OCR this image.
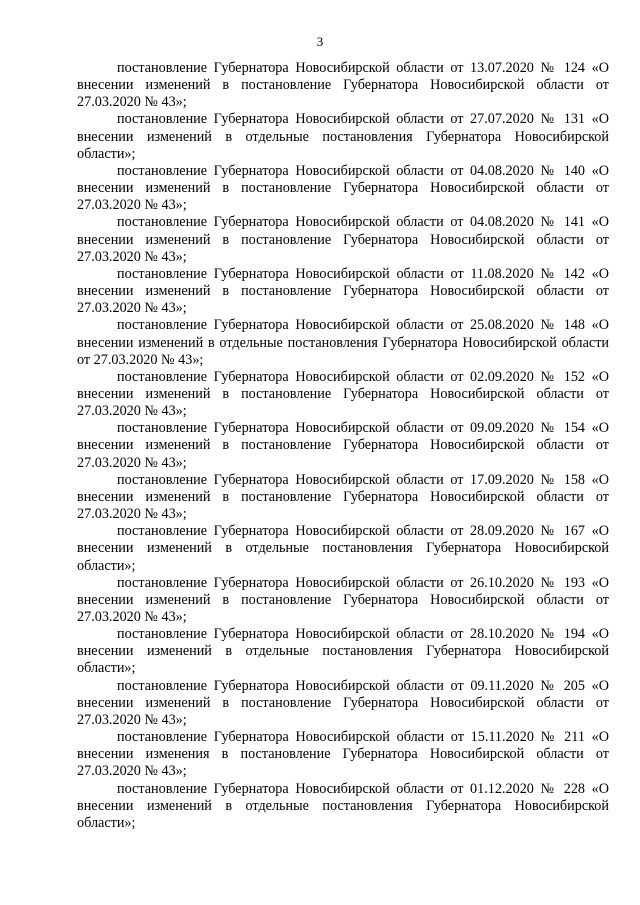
3

постановление Губернатора Новосибирской области от 13.07.2020 № 124 «О внесении изменений в постановление Губернатора Новосибирской области от 27.03.2020 № 43»;

постановление Губернатора Новосибирской области от 27.07.2020 № 131 «О внесении изменений в отдельные постановления Губернатора Новосибирской области»;

постановление Губернатора Новосибирской области от 04.08.2020 № 140 «О внесении изменений в постановление Губернатора Новосибирской области от 27.03.2020 № 43»;

постановление Губернатора Новосибирской области от 04.08.2020 № 141 «О внесении изменений в постановление Губернатора Новосибирской области от 27.03.2020 № 43»;

постановление Губернатора Новосибирской области от 11.08.2020 № 142 «О внесении изменений в постановление Губернатора Новосибирской области от 27.03.2020 № 43»;

постановление Губернатора Новосибирской области от 25.08.2020 № 148 «О внесении изменений в отдельные постановления Губернатора Новосибирской области от 27.03.2020 № 43»;

постановление Губернатора Новосибирской области от 02.09.2020 № 152 «О внесении изменений в постановление Губернатора Новосибирской области от 27.03.2020 № 43»;

постановление Губернатора Новосибирской области от 09.09.2020 № 154 «О внесении изменений в постановление Губернатора Новосибирской области от 27.03.2020 № 43»;

постановление Губернатора Новосибирской области от 17.09.2020 № 158 «О внесении изменений в постановление Губернатора Новосибирской области от 27.03.2020 № 43»;

постановление Губернатора Новосибирской области от 28.09.2020 № 167 «О внесении изменений в отдельные постановления Губернатора Новосибирской области»;

постановление Губернатора Новосибирской области от 26.10.2020 № 193 «О внесении изменений в постановление Губернатора Новосибирской области от 27.03.2020 № 43»;

постановление Губернатора Новосибирской области от 28.10.2020 № 194 «О внесении изменений в отдельные постановления Губернатора Новосибирской области»;

постановление Губернатора Новосибирской области от 09.11.2020 № 205 «О внесении изменений в постановление Губернатора Новосибирской области от 27.03.2020 № 43»;

постановление Губернатора Новосибирской области от 15.11.2020 № 211 «О внесении изменения в постановление Губернатора Новосибирской области от 27.03.2020 № 43»;

постановление Губернатора Новосибирской области от 01.12.2020 № 228 «О внесении изменений в отдельные постановления Губернатора Новосибирской области»;
